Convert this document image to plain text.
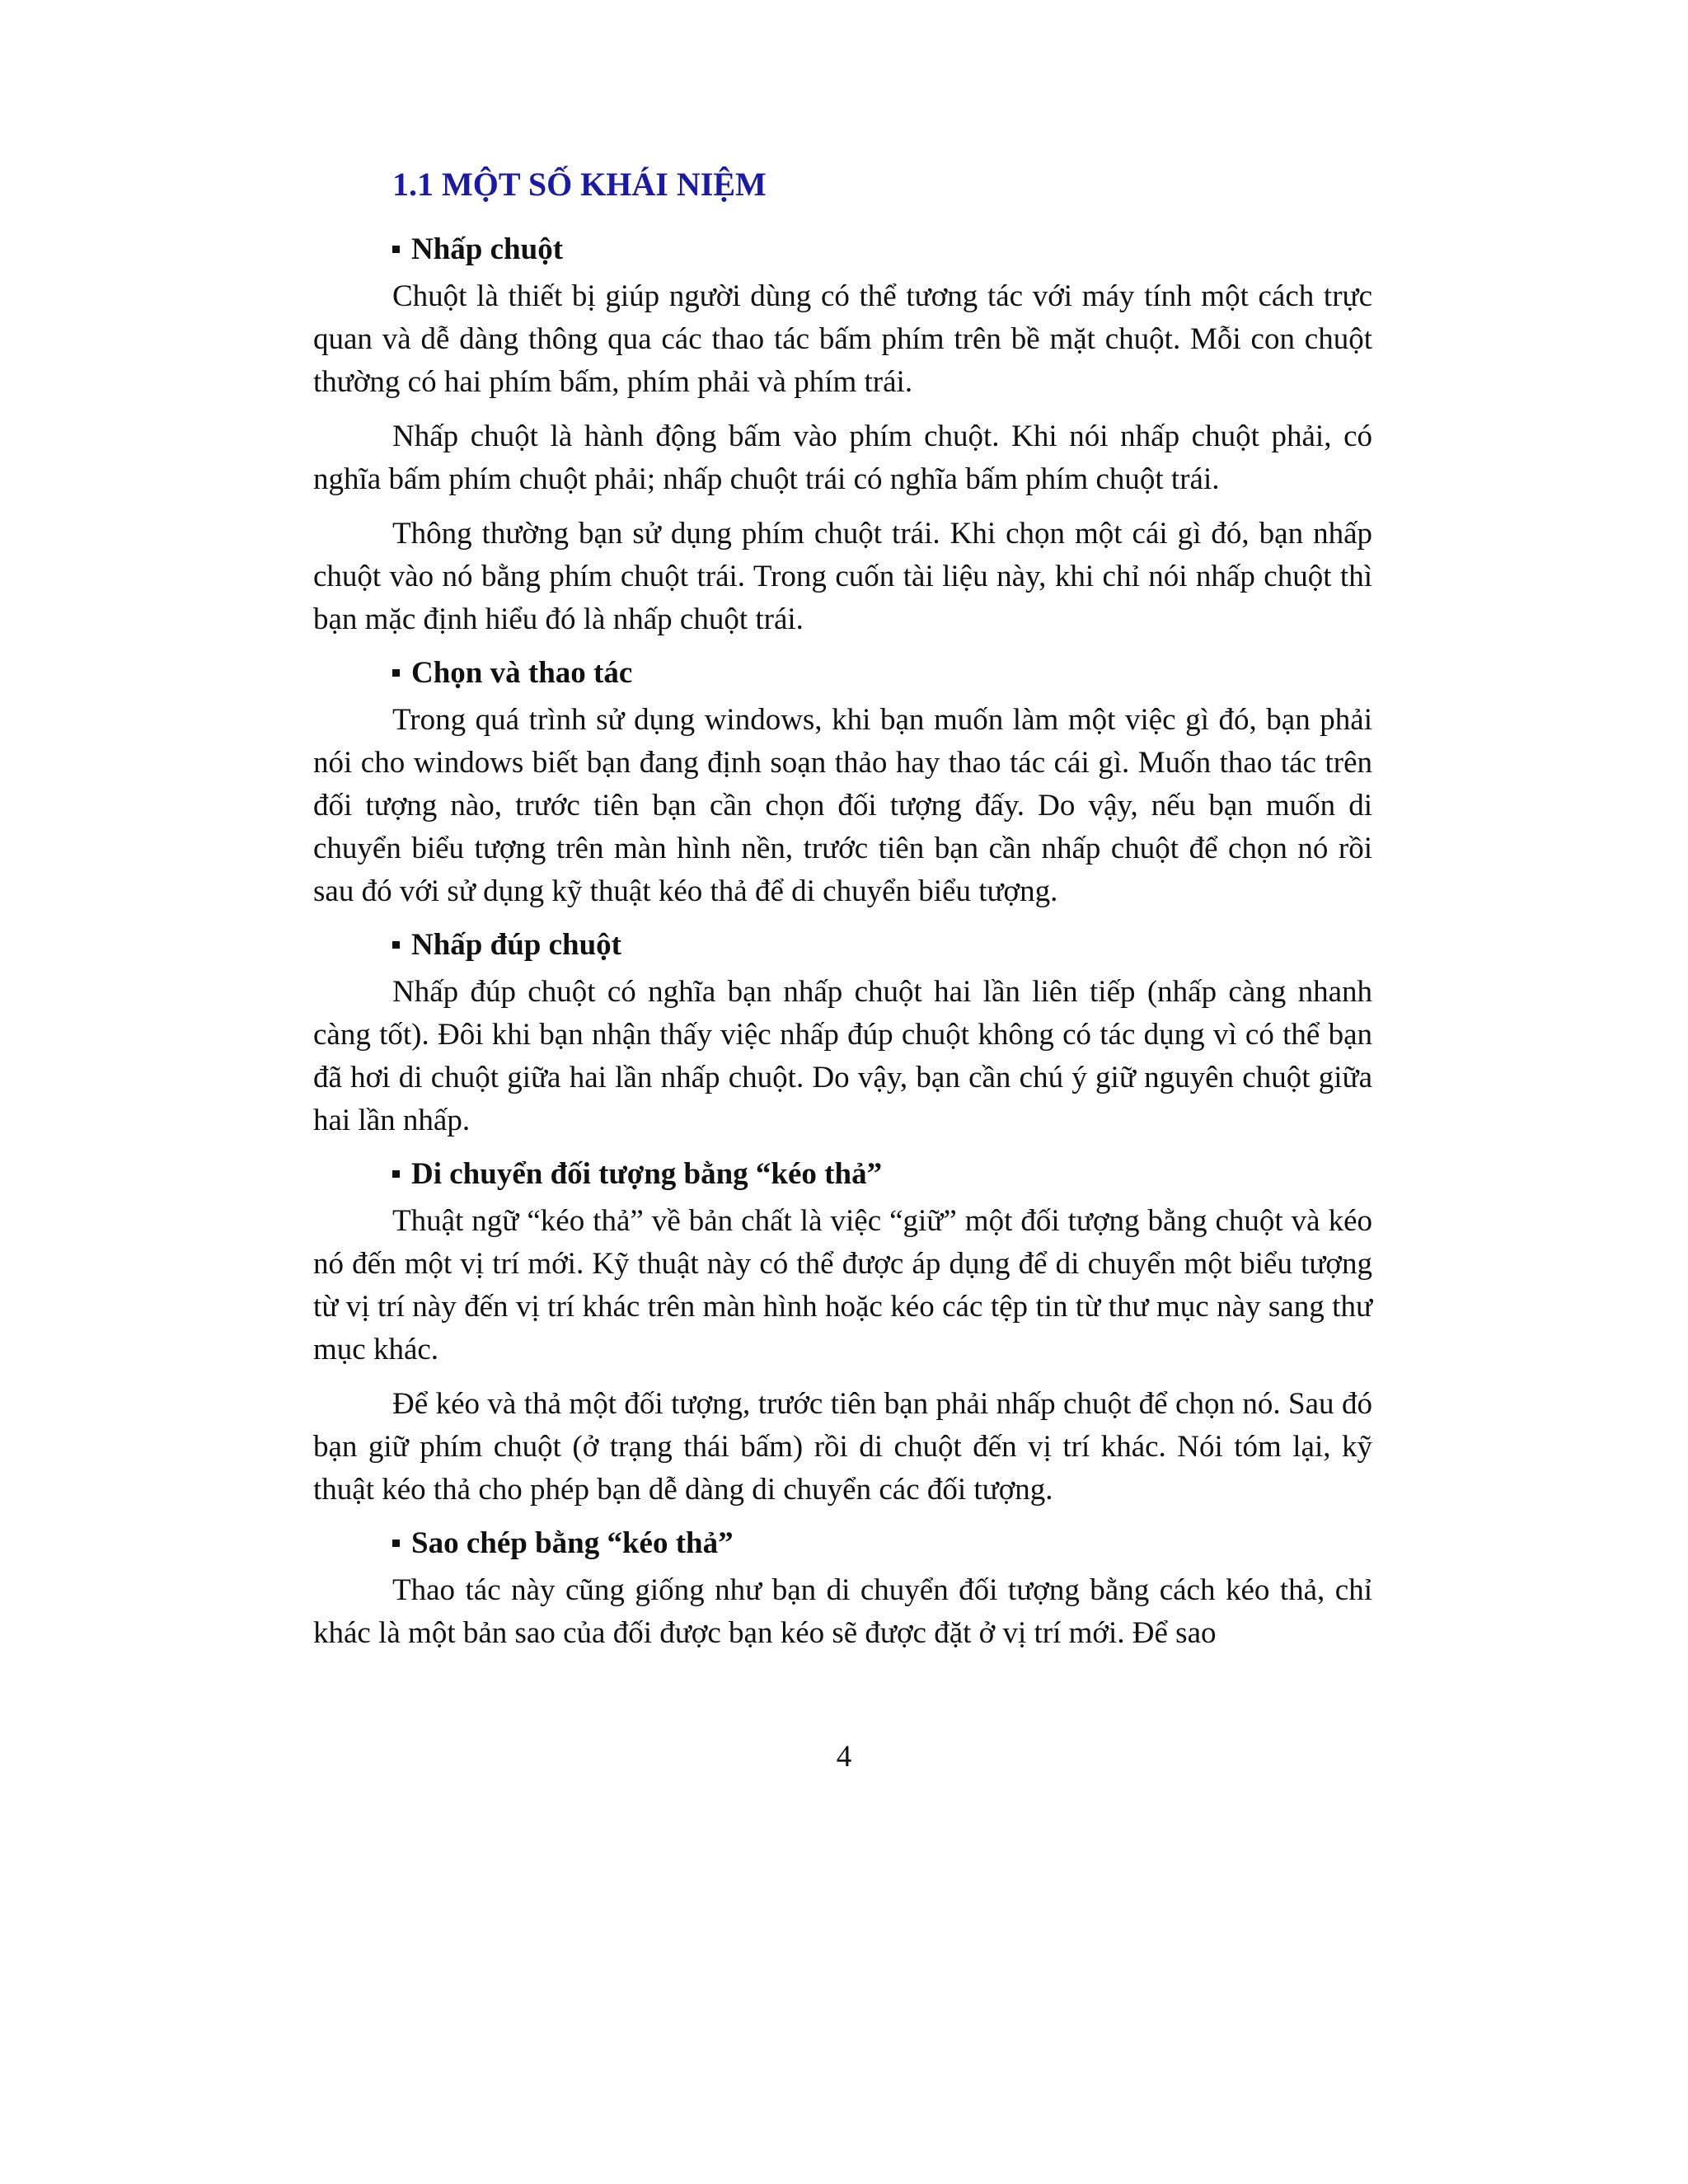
1.1 MỘT SỐ KHÁI NIỆM
Nhấp chuột

Chuột là thiết bị giúp người dùng có thể tương tác với máy tính một cách trực quan và dễ dàng thông qua các thao tác bấm phím trên bề mặt chuột. Mỗi con chuột thường có hai phím bấm, phím phải và phím trái.

Nhấp chuột là hành động bấm vào phím chuột. Khi nói nhấp chuột phải, có nghĩa bấm phím chuột phải; nhấp chuột trái có nghĩa bấm phím chuột trái.

Thông thường bạn sử dụng phím chuột trái. Khi chọn một cái gì đó, bạn nhấp chuột vào nó bằng phím chuột trái. Trong cuốn tài liệu này, khi chỉ nói nhấp chuột thì bạn mặc định hiểu đó là nhấp chuột trái.

Chọn và thao tác

Trong quá trình sử dụng windows, khi bạn muốn làm một việc gì đó, bạn phải nói cho windows biết bạn đang định soạn thảo hay thao tác cái gì. Muốn thao tác trên đối tượng nào, trước tiên bạn cần chọn đối tượng đấy. Do vậy, nếu bạn muốn di chuyển biểu tượng trên màn hình nền, trước tiên bạn cần nhấp chuột để chọn nó rồi sau đó với sử dụng kỹ thuật kéo thả để di chuyển biểu tượng.

Nhấp đúp chuột

Nhấp đúp chuột có nghĩa bạn nhấp chuột hai lần liên tiếp (nhấp càng nhanh càng tốt). Đôi khi bạn nhận thấy việc nhấp đúp chuột không có tác dụng vì có thể bạn đã hơi di chuột giữa hai lần nhấp chuột. Do vậy, bạn cần chú ý giữ nguyên chuột giữa hai lần nhấp.

Di chuyển đối tượng bằng “kéo thả”

Thuật ngữ “kéo thả” về bản chất là việc “giữ” một đối tượng bằng chuột và kéo nó đến một vị trí mới. Kỹ thuật này có thể được áp dụng để di chuyển một biểu tượng từ vị trí này đến vị trí khác trên màn hình hoặc kéo các tệp tin từ thư mục này sang thư mục khác.

Để kéo và thả một đối tượng, trước tiên bạn phải nhấp chuột để chọn nó. Sau đó bạn giữ phím chuột (ở trạng thái bấm) rồi di chuột đến vị trí khác. Nói tóm lại, kỹ thuật kéo thả cho phép bạn dễ dàng di chuyển các đối tượng.

Sao chép bằng “kéo thả”

Thao tác này cũng giống như bạn di chuyển đối tượng bằng cách kéo thả, chỉ khác là một bản sao của đối được bạn kéo sẽ được đặt ở vị trí mới. Để sao

4
